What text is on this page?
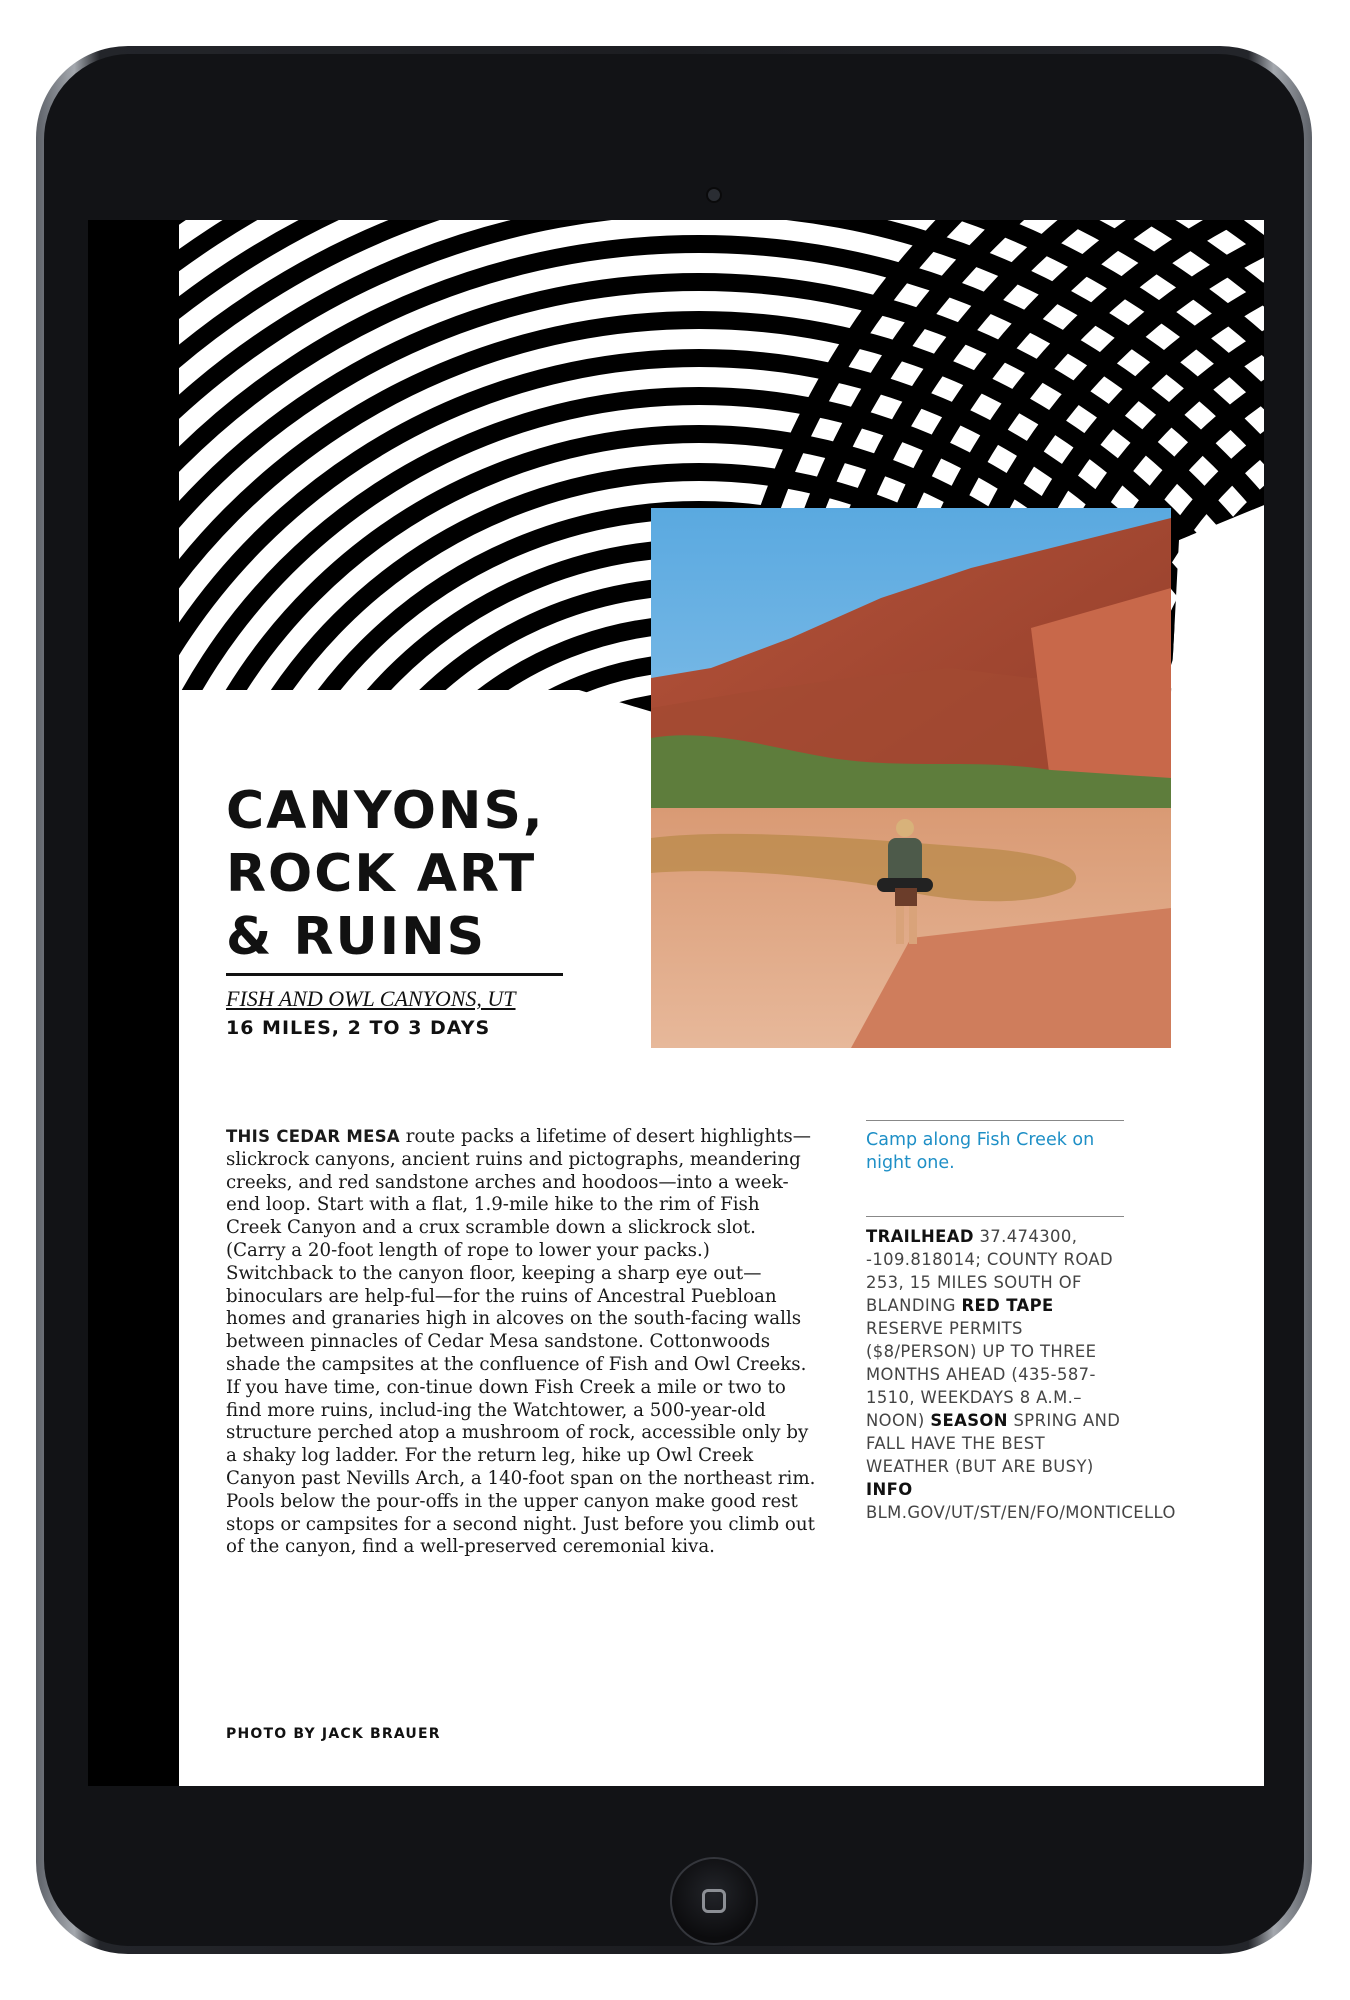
CANYONS,
ROCK ART
& RUINS
FISH AND OWL CANYONS, UT
16 MILES, 2 TO 3 DAYS

THIS CEDAR MESA route packs a lifetime of desert highlights—slickrock canyons, ancient ruins and pictographs, meandering creeks, and red sandstone arches and hoodoos—into a week-end loop. Start with a flat, 1.9-mile hike to the rim of Fish Creek Canyon and a crux scramble down a slickrock slot. (Carry a 20-foot length of rope to lower your packs.) Switchback to the canyon floor, keeping a sharp eye out—binoculars are help-ful—for the ruins of Ancestral Puebloan homes and granaries high in alcoves on the south-facing walls between pinnacles of Cedar Mesa sandstone. Cottonwoods shade the campsites at the confluence of Fish and Owl Creeks. If you have time, con-tinue down Fish Creek a mile or two to find more ruins, includ-ing the Watchtower, a 500-year-old structure perched atop a mushroom of rock, accessible only by a shaky log ladder. For the return leg, hike up Owl Creek Canyon past Nevills Arch, a 140-foot span on the northeast rim. Pools below the pour-offs in the upper canyon make good rest stops or campsites for a second night. Just before you climb out of the canyon, find a well-preserved ceremonial kiva.

Camp along Fish Creek on night one.
TRAILHEAD 37.474300, -109.818014; COUNTY ROAD 253, 15 MILES SOUTH OF BLANDING RED TAPE RESERVE PERMITS ($8/PERSON) UP TO THREE MONTHS AHEAD (435-587-1510, WEEKDAYS 8 A.M.–NOON) SEASON SPRING AND FALL HAVE THE BEST WEATHER (BUT ARE BUSY) INFO BLM.GOV/UT/ST/EN/FO/MONTICELLO
PHOTO BY JACK BRAUER
